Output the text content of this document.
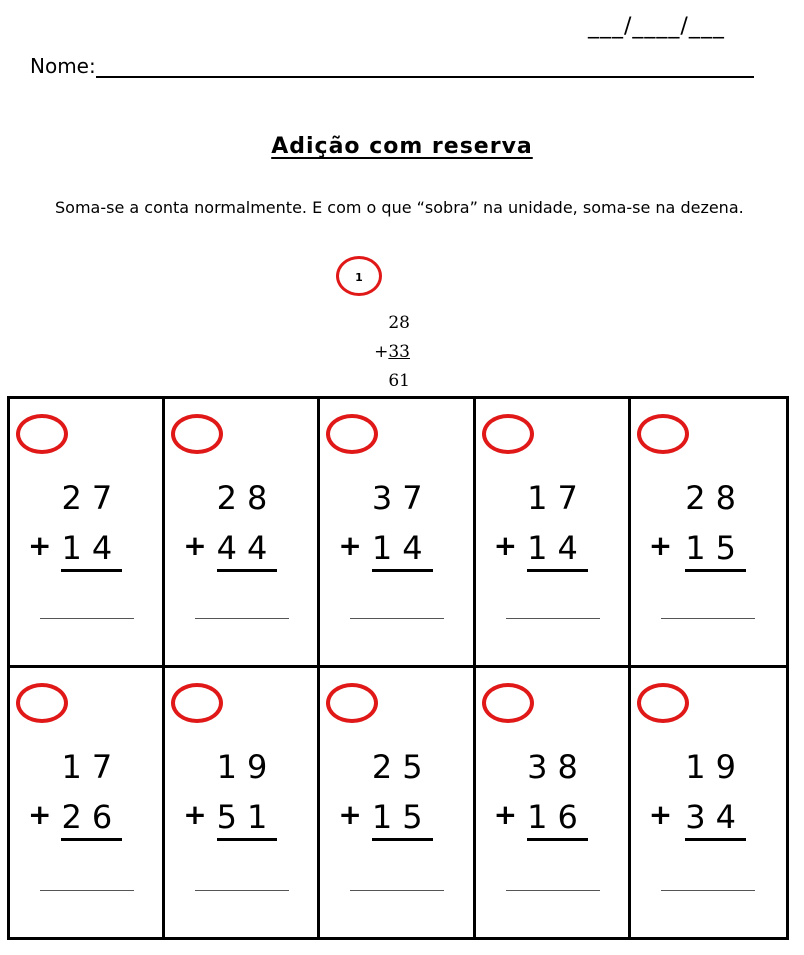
___/____/___
Nome:
Adição com reserva
Soma-se a conta normalmente. E com o que “sobra” na unidade, soma-se na dezena.
1
28
+33
61
27
+ 14
28
+ 44
37
+ 14
17
+ 14
28
+ 15
17
+ 26
19
+ 51
25
+ 15
38
+ 16
19
+ 34
